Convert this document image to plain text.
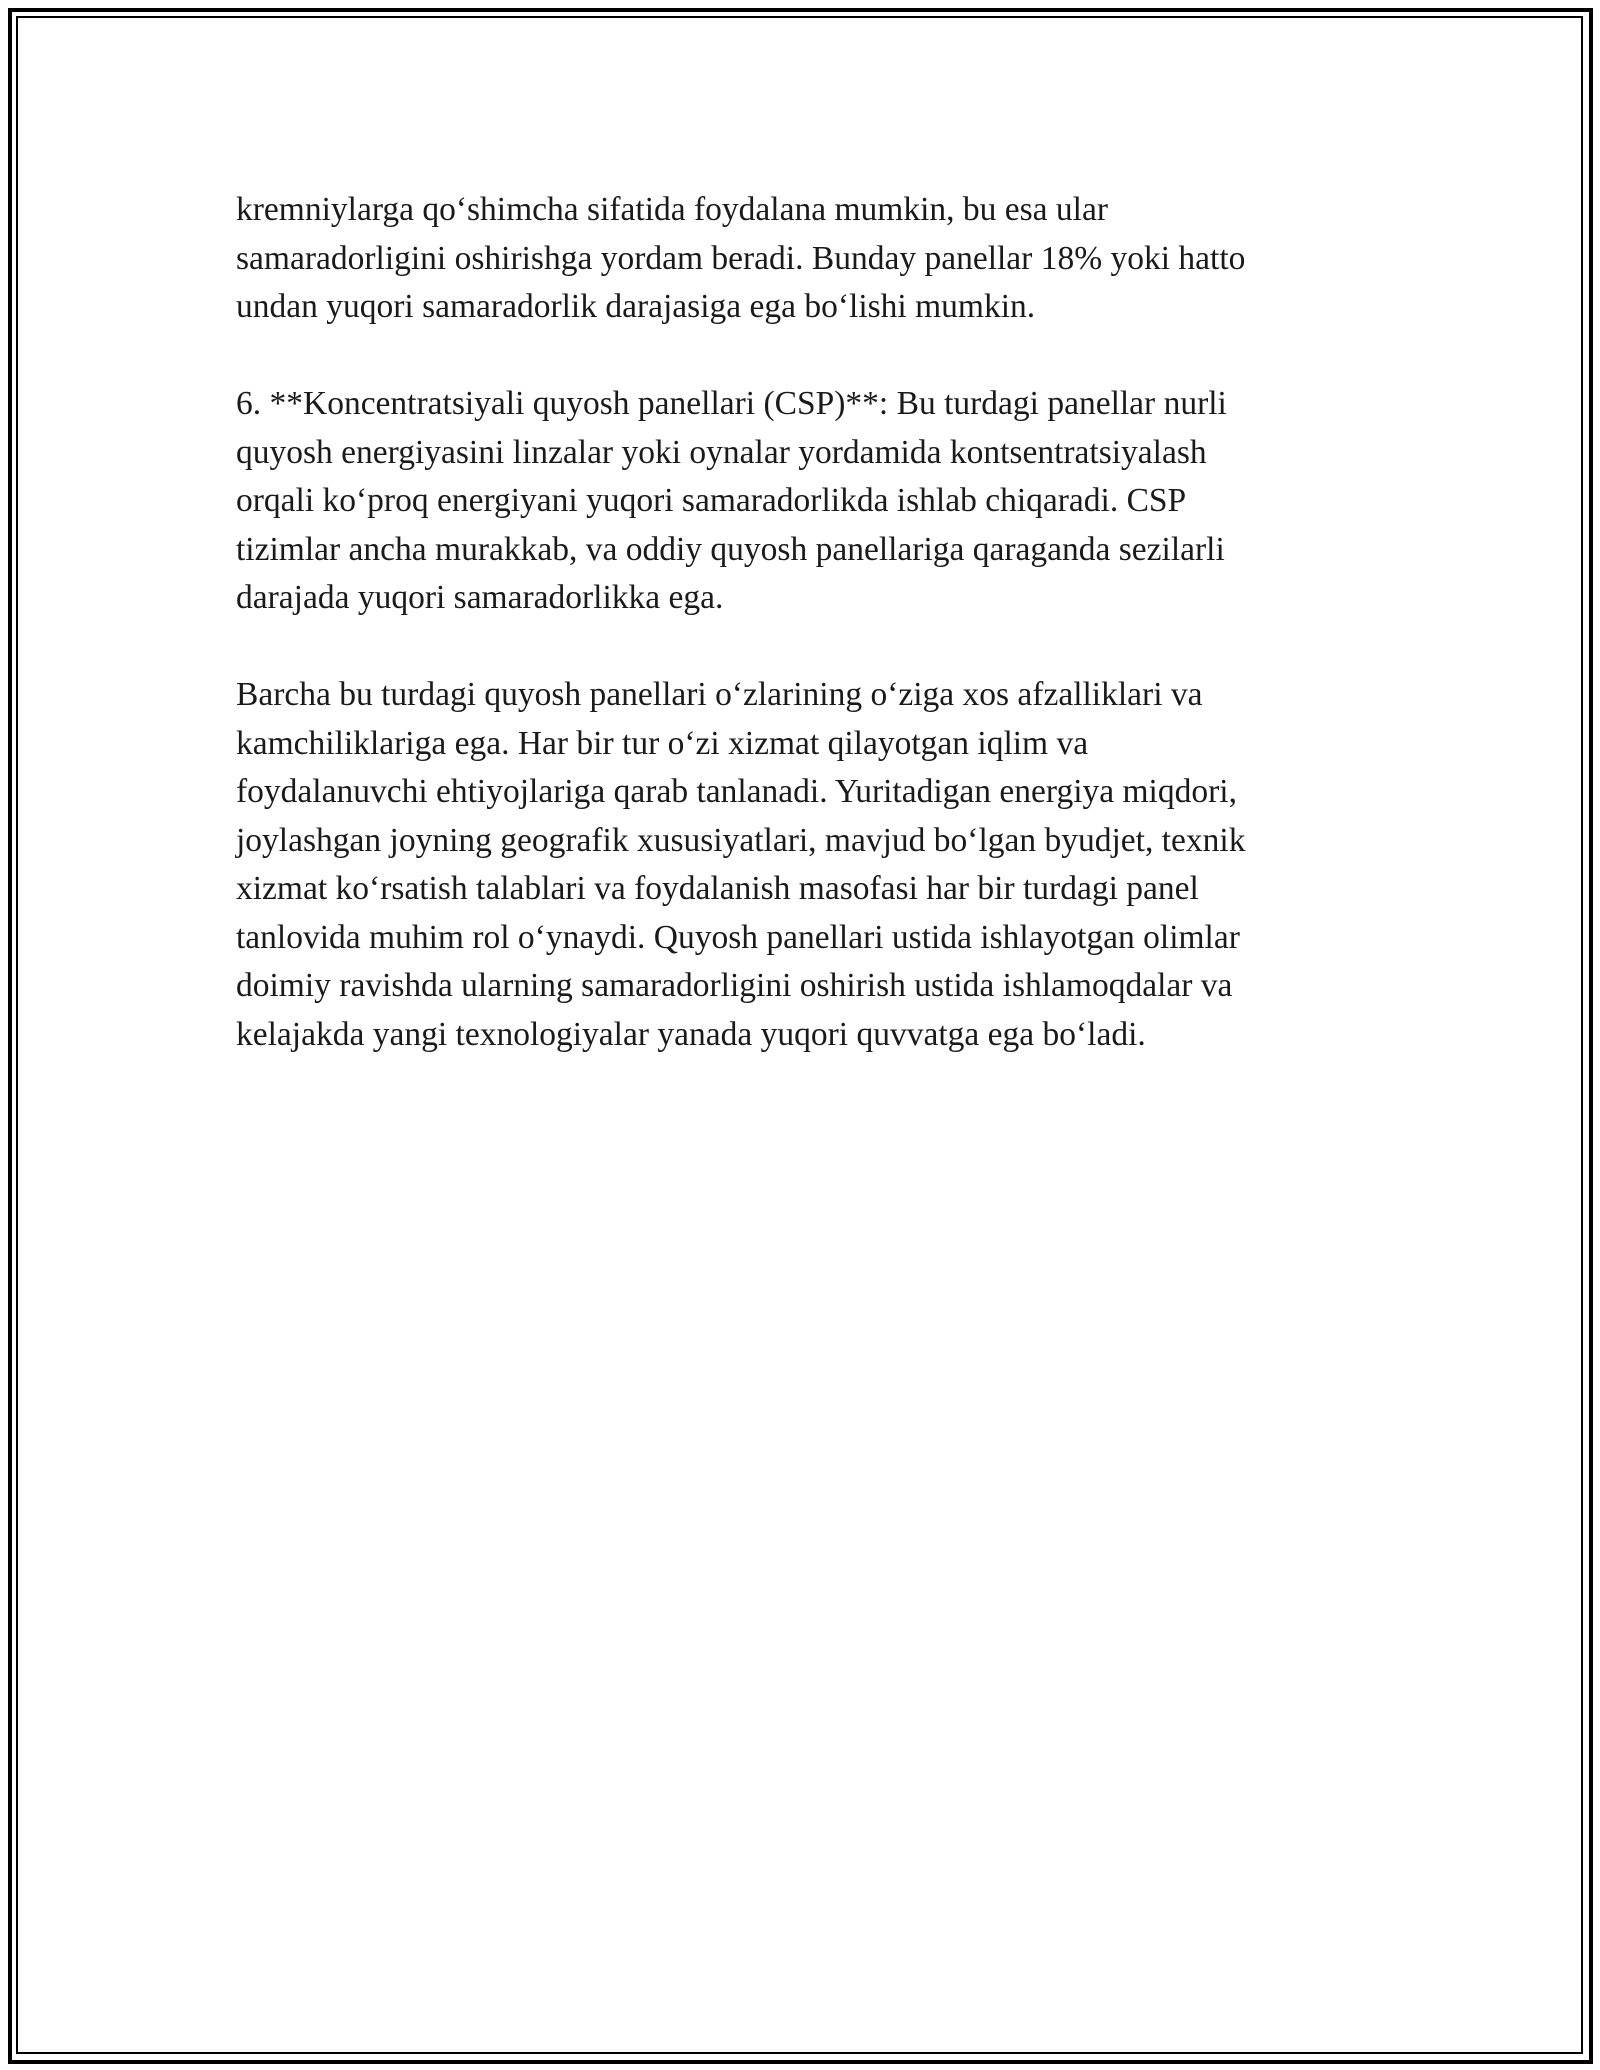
kremniylarga qo‘shimcha sifatida foydalana mumkin, bu esa ular
samaradorligini oshirishga yordam beradi. Bunday panellar 18% yoki hatto
undan yuqori samaradorlik darajasiga ega bo‘lishi mumkin.

6. **Koncentratsiyali quyosh panellari (CSP)**: Bu turdagi panellar nurli
quyosh energiyasini linzalar yoki oynalar yordamida kontsentratsiyalash
orqali ko‘proq energiyani yuqori samaradorlikda ishlab chiqaradi. CSP
tizimlar ancha murakkab, va oddiy quyosh panellariga qaraganda sezilarli
darajada yuqori samaradorlikka ega.

Barcha bu turdagi quyosh panellari o‘zlarining o‘ziga xos afzalliklari va
kamchiliklariga ega. Har bir tur o‘zi xizmat qilayotgan iqlim va
foydalanuvchi ehtiyojlariga qarab tanlanadi. Yuritadigan energiya miqdori,
joylashgan joyning geografik xususiyatlari, mavjud bo‘lgan byudjet, texnik
xizmat ko‘rsatish talablari va foydalanish masofasi har bir turdagi panel
tanlovida muhim rol o‘ynaydi. Quyosh panellari ustida ishlayotgan olimlar
doimiy ravishda ularning samaradorligini oshirish ustida ishlamoqdalar va
kelajakda yangi texnologiyalar yanada yuqori quvvatga ega bo‘ladi.
